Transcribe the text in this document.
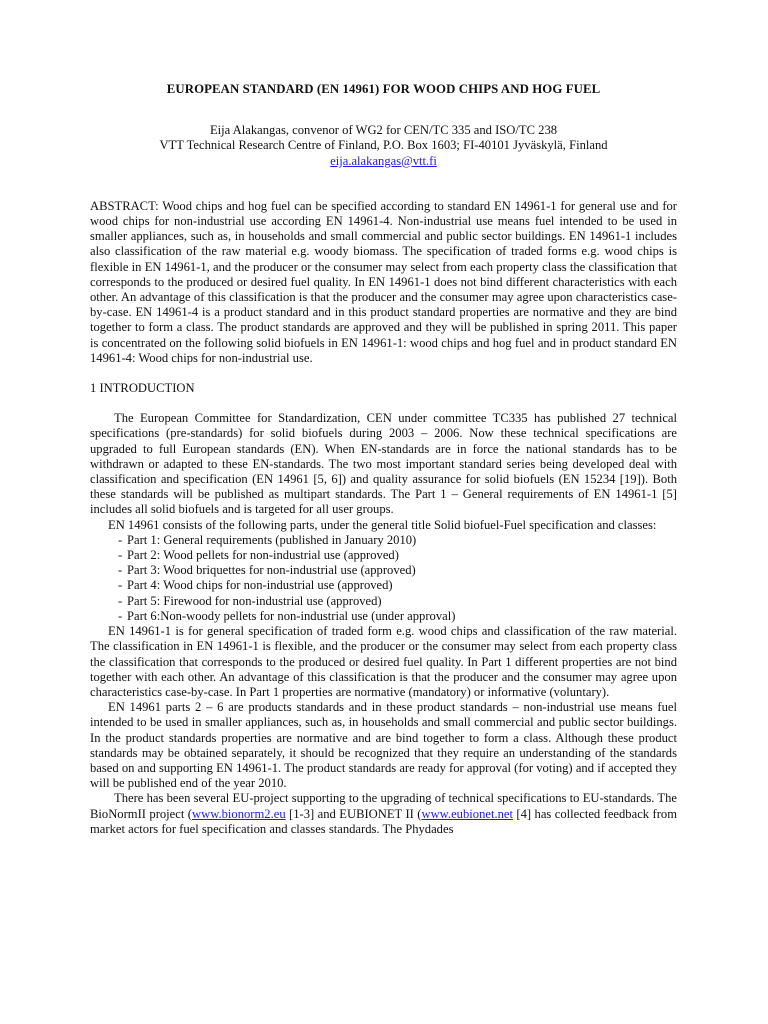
EUROPEAN STANDARD (EN 14961) FOR WOOD CHIPS AND HOG FUEL
Eija Alakangas, convenor of WG2 for CEN/TC 335 and ISO/TC 238
VTT Technical Research Centre of Finland, P.O. Box 1603; FI-40101 Jyväskylä, Finland
eija.alakangas@vtt.fi

ABSTRACT: Wood chips and hog fuel can be specified according to standard EN 14961-1 for general use and for wood chips for non-industrial use according EN 14961-4. Non-industrial use means fuel intended to be used in smaller appliances, such as, in households and small commercial and public sector buildings. EN 14961-1 includes also classification of the raw material e.g. woody biomass. The specification of traded forms e.g. wood chips is flexible in EN 14961-1, and the producer or the consumer may select from each property class the classification that corresponds to the produced or desired fuel quality. In EN 14961-1 does not bind different characteristics with each other. An advantage of this classification is that the producer and the consumer may agree upon characteristics case-by-case. EN 14961-4 is a product standard and in this product standard properties are normative and they are bind together to form a class. The product standards are approved and they will be published in spring 2011. This paper is concentrated on the following solid biofuels in EN 14961-1: wood chips and hog fuel and in product standard EN 14961-4: Wood chips for non-industrial use.

1 INTRODUCTION

The European Committee for Standardization, CEN under committee TC335 has published 27 technical specifications (pre-standards) for solid biofuels during 2003 – 2006. Now these technical specifications are upgraded to full European standards (EN). When EN-standards are in force the national standards has to be withdrawn or adapted to these EN-standards. The two most important standard series being developed deal with classification and specification (EN 14961 [5, 6]) and quality assurance for solid biofuels (EN 15234 [19]). Both these standards will be published as multipart standards. The Part 1 – General requirements of EN 14961-1 [5] includes all solid biofuels and is targeted for all user groups.

EN 14961 consists of the following parts, under the general title Solid biofuel-Fuel specification and classes:

- Part 1: General requirements (published in January 2010)
- Part 2: Wood pellets for non-industrial use (approved)
- Part 3: Wood briquettes for non-industrial use (approved)
- Part 4: Wood chips for non-industrial use (approved)
- Part 5: Firewood for non-industrial use (approved)
- Part 6:Non-woody pellets for non-industrial use (under approval)

EN 14961-1 is for general specification of traded form e.g. wood chips and classification of the raw material. The classification in EN 14961-1 is flexible, and the producer or the consumer may select from each property class the classification that corresponds to the produced or desired fuel quality. In Part 1 different properties are not bind together with each other. An advantage of this classification is that the producer and the consumer may agree upon characteristics case-by-case. In Part 1 properties are normative (mandatory) or informative (voluntary).

EN 14961 parts 2 – 6 are products standards and in these product standards – non-industrial use means fuel intended to be used in smaller appliances, such as, in households and small commercial and public sector buildings. In the product standards properties are normative and are bind together to form a class. Although these product standards may be obtained separately, it should be recognized that they require an understanding of the standards based on and supporting EN 14961-1. The product standards are ready for approval (for voting) and if accepted they will be published end of the year 2010.

There has been several EU-project supporting to the upgrading of technical specifications to EU-standards. The BioNormII project (www.bionorm2.eu [1-3] and EUBIONET II (www.eubionet.net [4] has collected feedback from market actors for fuel specification and classes standards. The Phydades
